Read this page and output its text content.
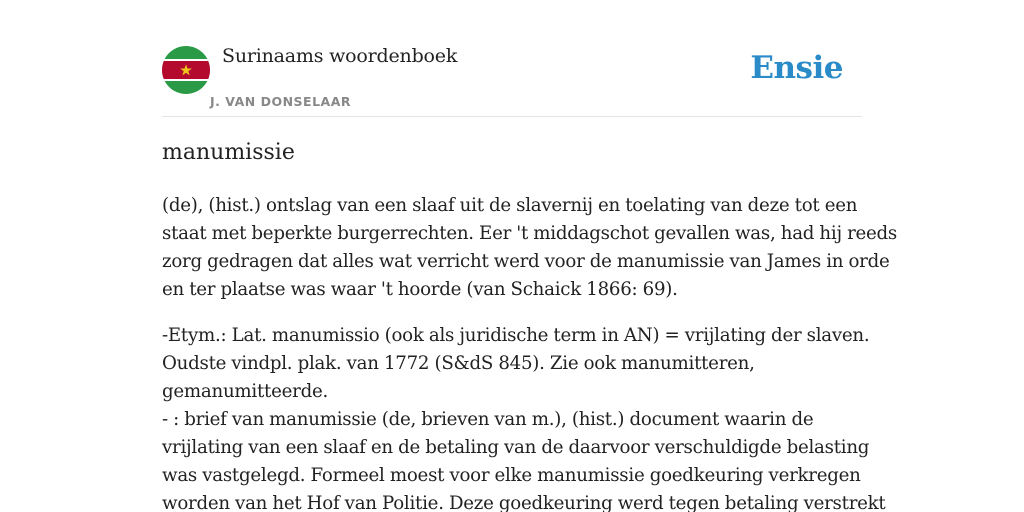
Surinaams woordenboek
J. VAN DONSELAAR
Ensie
manumissie

(de), (hist.) ontslag van een slaaf uit de slavernij en toelating van deze tot een
staat met beperkte burgerrechten. Eer 't middagschot gevallen was, had hij reeds
zorg gedragen dat alles wat verricht werd voor de manumissie van James in orde
en ter plaatse was waar 't hoorde (van Schaick 1866: 69).

-Etym.: Lat. manumissio (ook als juridische term in AN) = vrijlating der slaven.
Oudste vindpl. plak. van 1772 (S&dS 845). Zie ook manumitteren,
gemanumitteerde.
- : brief van manumissie (de, brieven van m.), (hist.) document waarin de
vrijlating van een slaaf en de betaling van de daarvoor verschuldigde belasting
was vastgelegd. Formeel moest voor elke manumissie goedkeuring verkregen
worden van het Hof van Politie. Deze goedkeuring werd tegen betaling verstrekt
